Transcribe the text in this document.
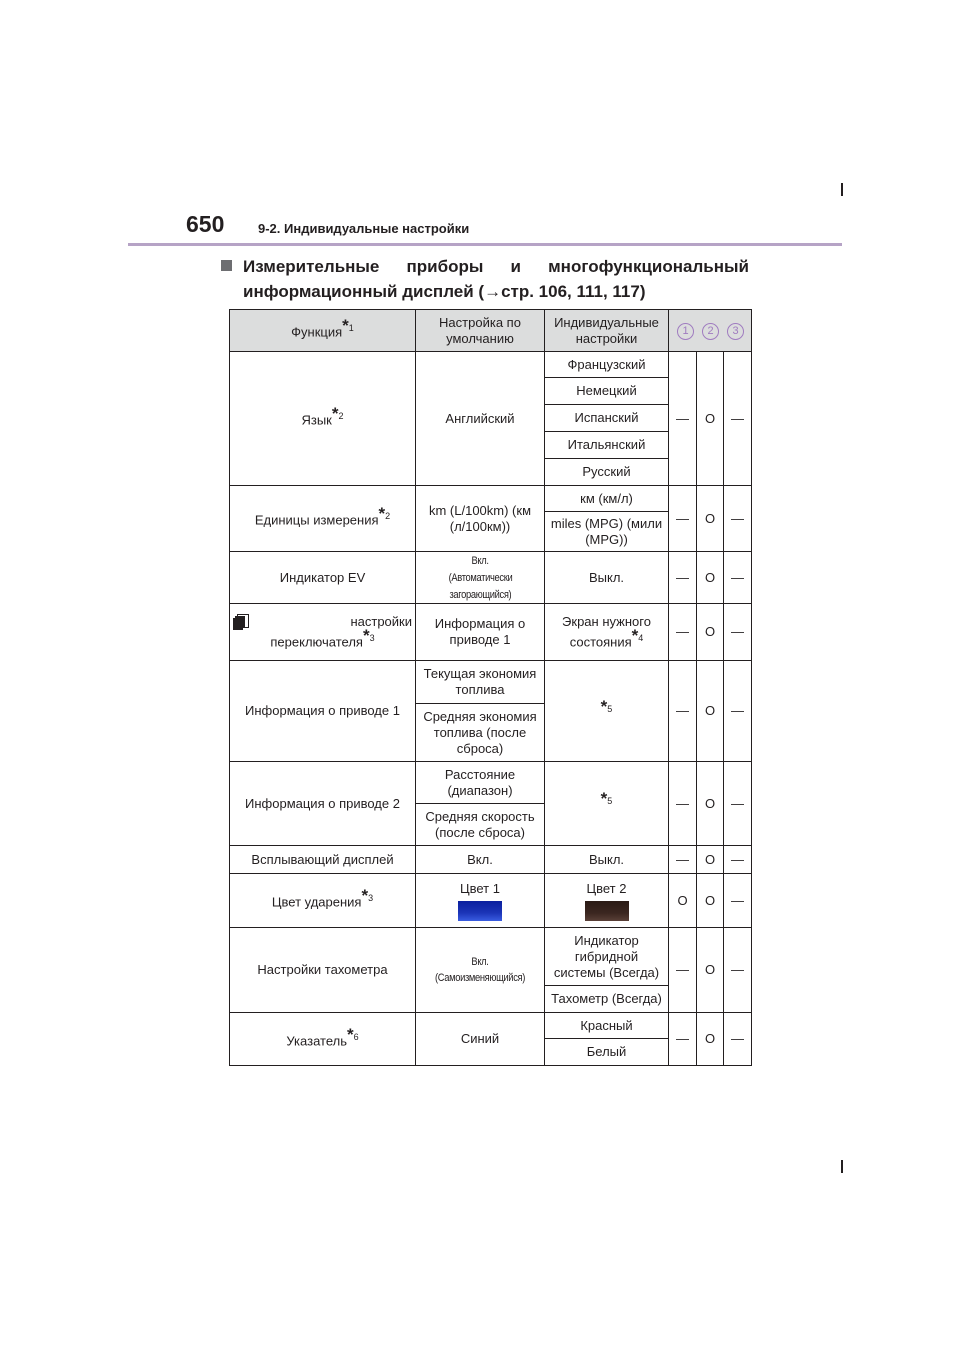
650	9-2. Индивидуальные настройки
Измерительные приборы и многофункциональный
информационный дисплей (→стр. 106, 111, 117)
Функция*$^1$	Настройка по умолчанию	Индивидуальные настройки	1 2 3		

Язык*$^2$	Английский	Французский	—	O	—
		Немецкий			
		Испанский			
		Итальянский			
		Русский			
Единицы измерения*$^2$	km (L/100km) (км (л/100км))	км (км/л)	—	O	—
		miles (MPG) (мили (MPG))			
Индикатор EV	Вкл.
(Автоматически
загорающийся)	Выкл.	—	O	—

настройки
переключателя*$^3$	Информация о приводе 1	Экран нужного состояния*$^4$	—	O	—
Информация о приводе 1	Текущая экономия топлива	*$^5$	—	O	—
	Средняя экономия топлива (после сброса)				
Информация о приводе 2	Расстояние (диапазон)	*$^5$	—	O	—
	Средняя скорость (после сброса)				
Всплывающий дисплей	Вкл.	Выкл.	—	O	—
Цвет ударения*$^3$	Цвет 1	Цвет 2	O	O	—
Настройки тахометра	Вкл. (Самоизменяющийся)	Индикатор гибридной системы (Всегда)	—	O	—
		Тахометр (Всегда)			
Указатель*$^6$	Синий	Красный	—	O	—
		Белый			
